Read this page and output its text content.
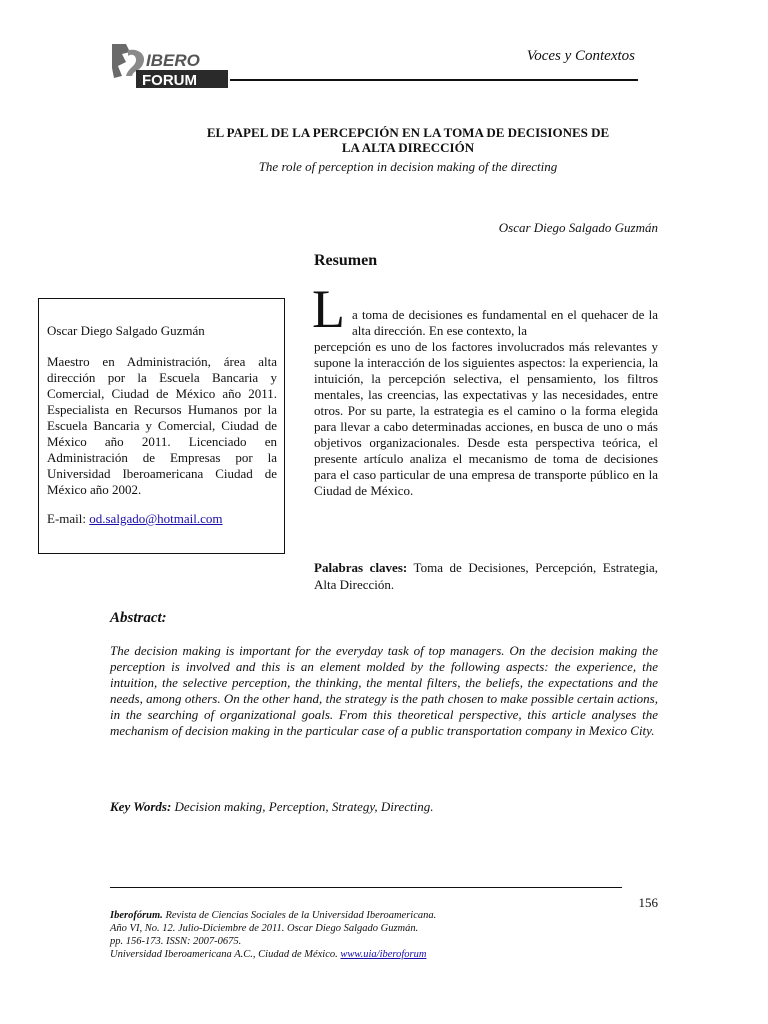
IBERO
FORUM
Voces y Contextos
EL PAPEL DE LA PERCEPCIÓN EN LA TOMA DE DECISIONES DE
LA ALTA DIRECCIÓN
The role of perception in decision making of the directing
Oscar Diego Salgado Guzmán
Resumen
Oscar Diego Salgado Guzmán
Maestro en Administración, área alta dirección por la Escuela Bancaria y Comercial, Ciudad de México año 2011. Especialista en Recursos Humanos por la Escuela Bancaria y Comercial, Ciudad de México año 2011. Licenciado en Administración de Empresas por la Universidad Iberoamericana Ciudad de México año 2002.
E-mail: od.salgado@hotmail.com
L a toma de decisiones es fundamental en el quehacer de la alta dirección. En ese contexto, la
percepción es uno de los factores involucrados más relevantes y supone la interacción de los siguientes aspectos: la experiencia, la intuición, la percepción selectiva, el pensamiento, los filtros mentales, las creencias, las expectativas y las necesidades, entre otros. Por su parte, la estrategia es el camino o la forma elegida para llevar a cabo determinadas acciones, en busca de uno o más objetivos organizacionales. Desde esta perspectiva teórica, el presente artículo analiza el mecanismo de toma de decisiones para el caso particular de una empresa de transporte público en la Ciudad de México.
Palabras claves: Toma de Decisiones, Percepción, Estrategia, Alta Dirección.
Abstract:
The decision making is important for the everyday task of top managers. On the decision making the perception is involved and this is an element molded by the following aspects: the experience, the intuition, the selective perception, the thinking, the mental filters, the beliefs, the expectations and the needs, among others. On the other hand, the strategy is the path chosen to make possible certain actions, in the searching of organizational goals. From this theoretical perspective, this article analyses the mechanism of decision making in the particular case of a public transportation company in Mexico City.
Key Words: Decision making, Perception, Strategy, Directing.
156
Iberofórum. Revista de Ciencias Sociales de la Universidad Iberoamericana.
Año VI, No. 12. Julio-Diciembre de 2011. Oscar Diego Salgado Guzmán.
pp. 156-173. ISSN: 2007-0675.
Universidad Iberoamericana A.C., Ciudad de México. www.uia/iberoforum
